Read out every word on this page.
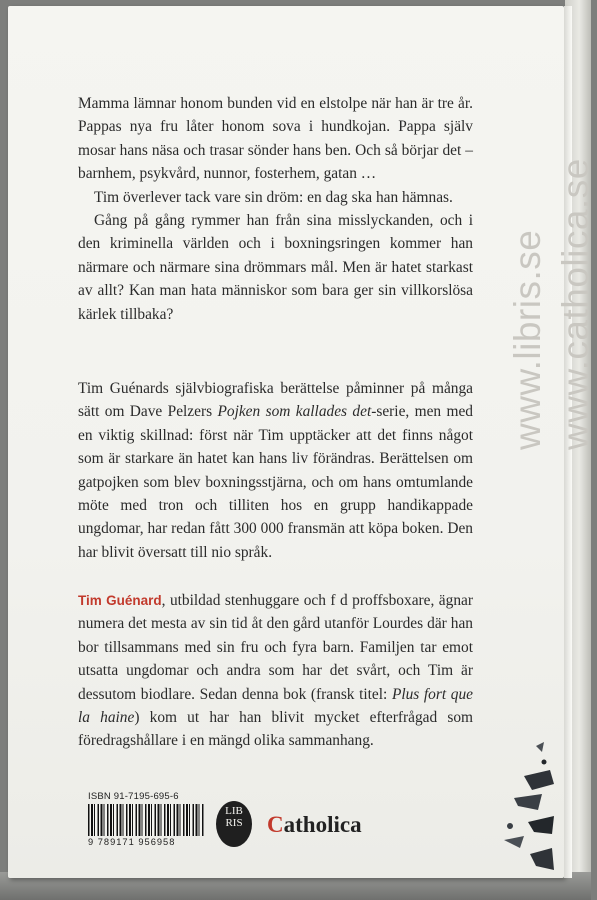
Mamma lämnar honom bunden vid en elstolpe när han är tre år. Pappas nya fru låter honom sova i hundkojan. Pappa själv mosar hans näsa och trasar sönder hans ben. Och så börjar det – barnhem, psykvård, nunnor, fosterhem, gatan …

Tim överlever tack vare sin dröm: en dag ska han hämnas.

Gång på gång rymmer han från sina misslyckanden, och i den kriminella världen och i boxningsringen kommer han närmare och närmare sina drömmars mål. Men är hatet starkast av allt? Kan man hata människor som bara ger sin villkorslösa kärlek tillbaka?

Tim Guénards självbiografiska berättelse påminner på många sätt om Dave Pelzers Pojken som kallades det-serie, men med en viktig skillnad: först när Tim upptäcker att det finns något som är starkare än hatet kan hans liv förändras. Berättelsen om gatpojken som blev boxningsstjärna, och om hans omtumlande möte med tron och tilliten hos en grupp handikappade ungdomar, har redan fått 300 000 fransmän att köpa boken. Den har blivit översatt till nio språk.

Tim Guénard, utbildad stenhuggare och f d proffsboxare, ägnar numera det mesta av sin tid åt den gård utanför Lourdes där han bor tillsammans med sin fru och fyra barn. Familjen tar emot utsatta ungdomar och andra som har det svårt, och Tim är dessutom biodlare. Sedan denna bok (fransk titel: Plus fort que la haine) kom ut har han blivit mycket efterfrågad som föredragshållare i en mängd olika sammanhang.

ISBN 91-7195-695-6
9 789171 956958
LIB
RIS	Catholica
www.libris.se www.catholica.se
